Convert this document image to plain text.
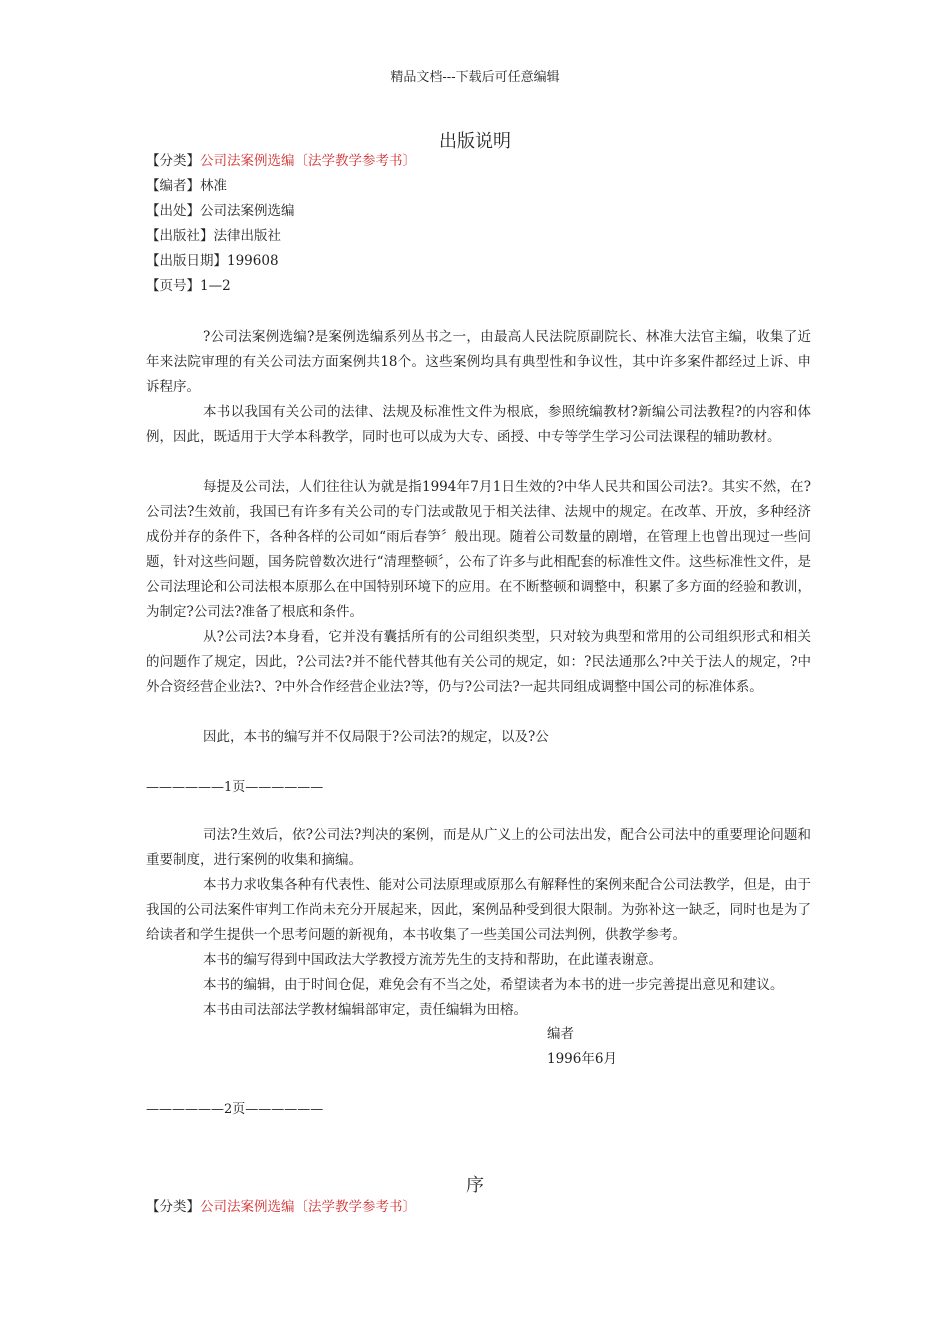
精品文档---下载后可任意编辑
出版说明
【分类】公司法案例选编〔法学教学参考书〕
【编者】林准
【出处】公司法案例选编
【出版社】法律出版社
【出版日期】199608
【页号】1—2

?公司法案例选编?是案例选编系列丛书之一，由最高人民法院原副院长、林准大法官主编，收集了近年来法院审理的有关公司法方面案例共18个。这些案例均具有典型性和争议性，其中许多案件都经过上诉、申诉程序。

本书以我国有关公司的法律、法规及标准性文件为根底，参照统编教材?新编公司法教程?的内容和体例，因此，既适用于大学本科教学，同时也可以成为大专、函授、中专等学生学习公司法课程的辅助教材。

每提及公司法，人们往往认为就是指1994年7月1日生效的?中华人民共和国公司法?。其实不然，在?公司法?生效前，我国已有许多有关公司的专门法或散见于相关法律、法规中的规定。在改革、开放，多种经济成份并存的条件下，各种各样的公司如“雨后春笋〞般出现。随着公司数量的剧增，在管理上也曾出现过一些问题，针对这些问题，国务院曾数次进行“清理整顿〞，公布了许多与此相配套的标准性文件。这些标准性文件，是公司法理论和公司法根本原那么在中国特别环境下的应用。在不断整顿和调整中，积累了多方面的经验和教训，为制定?公司法?准备了根底和条件。

从?公司法?本身看，它并没有囊括所有的公司组织类型，只对较为典型和常用的公司组织形式和相关的问题作了规定，因此，?公司法?并不能代替其他有关公司的规定，如：?民法通那么?中关于法人的规定，?中外合资经营企业法?、?中外合作经营企业法?等，仍与?公司法?一起共同组成调整中国公司的标准体系。

因此，本书的编写并不仅局限于?公司法?的规定，以及?公

——————1页——————

司法?生效后，依?公司法?判决的案例，而是从广义上的公司法出发，配合公司法中的重要理论问题和重要制度，进行案例的收集和摘编。

本书力求收集各种有代表性、能对公司法原理或原那么有解释性的案例来配合公司法教学，但是，由于我国的公司法案件审判工作尚未充分开展起来，因此，案例品种受到很大限制。为弥补这一缺乏，同时也是为了给读者和学生提供一个思考问题的新视角，本书收集了一些美国公司法判例，供教学参考。

本书的编写得到中国政法大学教授方流芳先生的支持和帮助，在此谨表谢意。

本书的编辑，由于时间仓促，难免会有不当之处，希望读者为本书的进一步完善提出意见和建议。

本书由司法部法学教材编辑部审定，责任编辑为田榕。

编者
1996年6月
——————2页——————
序
【分类】公司法案例选编〔法学教学参考书〕
